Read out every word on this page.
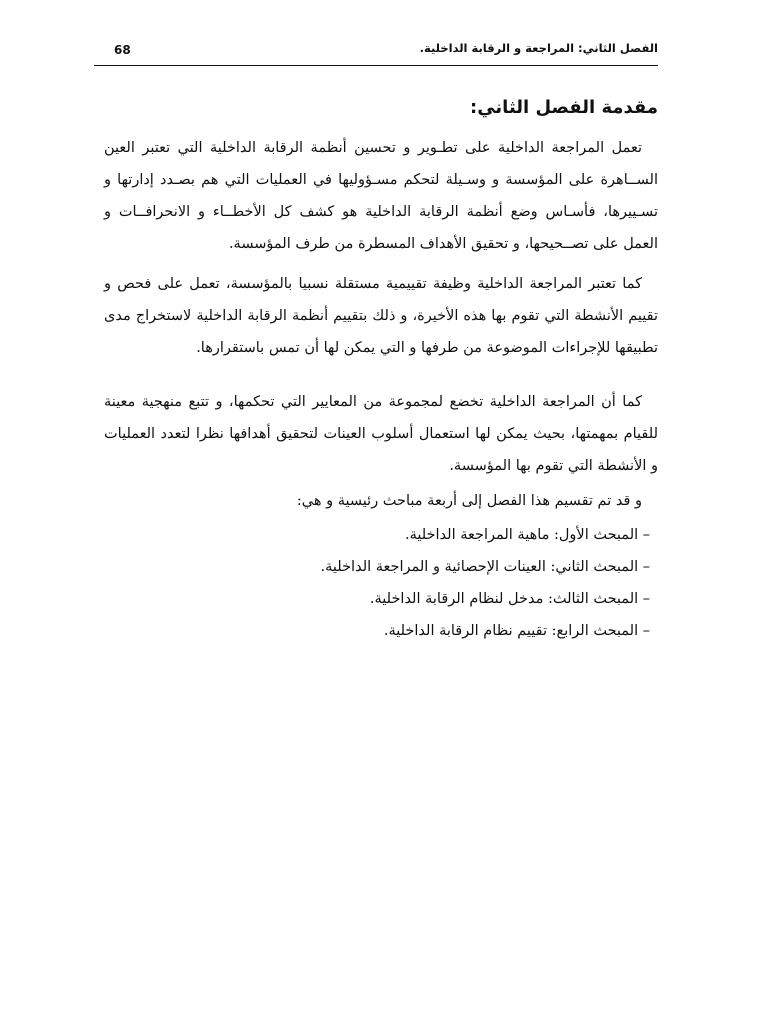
68	الفصل الثاني: المراجعة و الرقابة الداخلية.
مقدمة الفصل الثاني:

تعمل المراجعة الداخلية على تطـوير و تحسين أنظمة الرقابة الداخلية التي تعتبر العين الســاهرة على المؤسسة و وسـيلة لتحكم مسـؤوليها في العمليات التي هم بصـدد إدارتها و تسـييرها، فأسـاس وضع أنظمة الرقابة الداخلية هو كشف كل الأخطــاء و الانحرافــات و العمل على تصــحيحها، و تحقيق الأهداف المسطرة من طرف المؤسسة.

كما تعتبر المراجعة الداخلية وظيفة تقييمية مستقلة نسبيا بالمؤسسة، تعمل على فحص و تقييم الأنشطة التي تقوم بها هذه الأخيرة، و ذلك بتقييم أنظمة الرقابة الداخلية لاستخراج مدى تطبيقها للإجراءات الموضوعة من طرفها و التي يمكن لها أن تمس باستقرارها.

كما أن المراجعة الداخلية تخضع لمجموعة من المعايير التي تحكمها، و تتبع منهجية معينة للقيام بمهمتها، بحيث يمكن لها استعمال أسلوب العينات لتحقيق أهدافها نظرا لتعدد العمليات و الأنشطة التي تقوم بها المؤسسة.

و قد تم تقسيم هذا الفصل إلى أربعة مباحث رئيسية و هي:

– المبحث الأول: ماهية المراجعة الداخلية.
– المبحث الثاني: العينات الإحصائية و المراجعة الداخلية.
– المبحث الثالث: مدخل لنظام الرقابة الداخلية.
– المبحث الرابع: تقييم نظام الرقابة الداخلية.
